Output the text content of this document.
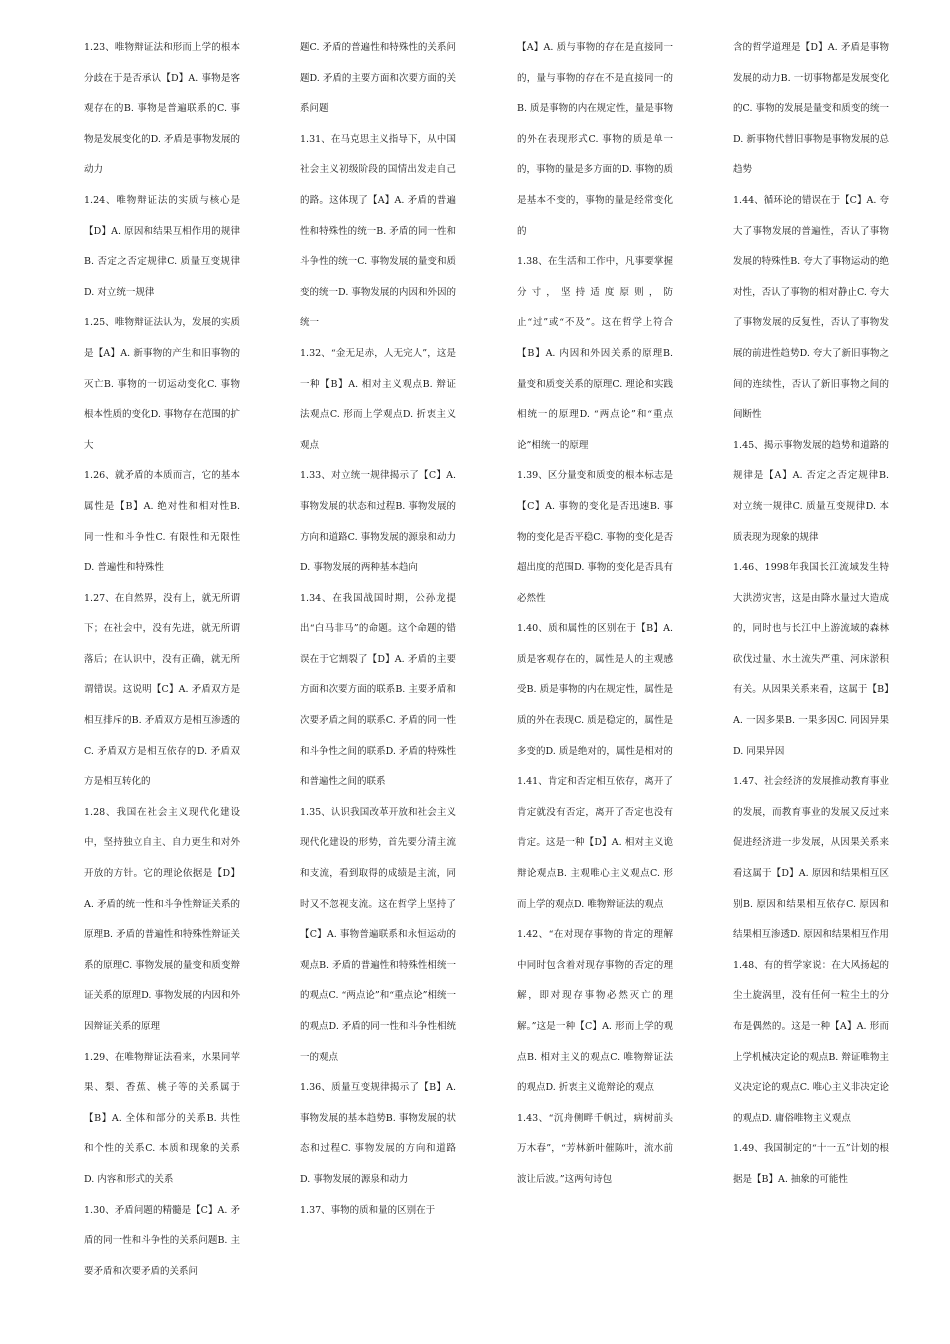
1.23、唯物辩证法和形而上学的根本分歧在于是否承认【D】A. 事物是客观存在的B. 事物是普遍联系的C. 事物是发展变化的D. 矛盾是事物发展的动力

1.24、唯物辩证法的实质与核心是【D】A. 原因和结果互相作用的规律B. 否定之否定规律C. 质量互变规律D. 对立统一规律

1.25、唯物辩证法认为，发展的实质是【A】A. 新事物的产生和旧事物的灭亡B. 事物的一切运动变化C. 事物根本性质的变化D. 事物存在范围的扩大

1.26、就矛盾的本质而言，它的基本属性是【B】A. 绝对性和相对性B. 同一性和斗争性C. 有限性和无限性D. 普遍性和特殊性

1.27、在自然界，没有上，就无所谓下；在社会中，没有先进，就无所谓落后；在认识中，没有正确，就无所谓错误。这说明【C】A. 矛盾双方是相互排斥的B. 矛盾双方是相互渗透的C. 矛盾双方是相互依存的D. 矛盾双方是相互转化的

1.28、我国在社会主义现代化建设中，坚持独立自主、自力更生和对外开放的方针。它的理论依据是【D】A. 矛盾的统一性和斗争性辩证关系的原理B. 矛盾的普遍性和特殊性辩证关系的原理C. 事物发展的量变和质变辩证关系的原理D. 事物发展的内因和外因辩证关系的原理

1.29、在唯物辩证法看来，水果同苹果、梨、香蕉、桃子等的关系属于【B】A. 全体和部分的关系B. 共性和个性的关系C. 本质和现象的关系D. 内容和形式的关系

1.30、矛盾问题的精髓是【C】A. 矛盾的同一性和斗争性的关系问题B. 主要矛盾和次要矛盾的关系问

题C. 矛盾的普遍性和特殊性的关系问题D. 矛盾的主要方面和次要方面的关系问题

1.31、在马克思主义指导下，从中国社会主义初级阶段的国情出发走自己的路。这体现了【A】A. 矛盾的普遍性和特殊性的统一B. 矛盾的同一性和斗争性的统一C. 事物发展的量变和质变的统一D. 事物发展的内因和外因的统一

1.32、“金无足赤，人无完人”，这是一种【B】A. 相对主义观点B. 辩证法观点C. 形而上学观点D. 折衷主义观点

1.33、对立统一规律揭示了【C】A. 事物发展的状态和过程B. 事物发展的方向和道路C. 事物发展的源泉和动力D. 事物发展的两种基本趋向

1.34、在我国战国时期，公孙龙提出“白马非马”的命题。这个命题的错误在于它割裂了【D】A. 矛盾的主要方面和次要方面的联系B. 主要矛盾和次要矛盾之间的联系C. 矛盾的同一性和斗争性之间的联系D. 矛盾的特殊性和普遍性之间的联系

1.35、认识我国改革开放和社会主义现代化建设的形势，首先要分清主流和支流，看到取得的成绩是主流，同时又不忽视支流。这在哲学上坚持了【C】A. 事物普遍联系和永恒运动的观点B. 矛盾的普遍性和特殊性相统一的观点C. “两点论”和“重点论”相统一的观点D. 矛盾的同一性和斗争性相统一的观点

1.36、质量互变规律揭示了【B】A. 事物发展的基本趋势B. 事物发展的状态和过程C. 事物发展的方向和道路D. 事物发展的源泉和动力

1.37、事物的质和量的区别在于

【A】A. 质与事物的存在是直接同一的，量与事物的存在不是直接同一的B. 质是事物的内在规定性，量是事物的外在表现形式C. 事物的质是单一的，事物的量是多方面的D. 事物的质是基本不变的，事物的量是经常变化的

1.38、在生活和工作中，凡事要掌握分寸，坚持适度原则，防止“过”或“不及”。这在哲学上符合【B】A. 内因和外因关系的原理B. 量变和质变关系的原理C. 理论和实践相统一的原理D. “两点论”和“重点论”相统一的原理

1.39、区分量变和质变的根本标志是【C】A. 事物的变化是否迅速B. 事物的变化是否平稳C. 事物的变化是否超出度的范围D. 事物的变化是否具有必然性

1.40、质和属性的区别在于【B】A. 质是客观存在的，属性是人的主观感受B. 质是事物的内在规定性，属性是质的外在表现C. 质是稳定的，属性是多变的D. 质是绝对的，属性是相对的

1.41、肯定和否定相互依存，离开了肯定就没有否定，离开了否定也没有肯定。这是一种【D】A. 相对主义诡辩论观点B. 主观唯心主义观点C. 形而上学的观点D. 唯物辩证法的观点

1.42、“在对现存事物的肯定的理解中同时包含着对现存事物的否定的理解，即对现存事物必然灭亡的理解。”这是一种【C】A. 形而上学的观点B. 相对主义的观点C. 唯物辩证法的观点D. 折衷主义诡辩论的观点

1.43、“沉舟侧畔千帆过，病树前头万木春”，“芳林新叶催陈叶，流水前波让后波。”这两句诗包

含的哲学道理是【D】A. 矛盾是事物发展的动力B. 一切事物都是发展变化的C. 事物的发展是量变和质变的统一D. 新事物代替旧事物是事物发展的总趋势

1.44、循环论的错误在于【C】A. 夸大了事物发展的普遍性，否认了事物发展的特殊性B. 夸大了事物运动的绝对性，否认了事物的相对静止C. 夸大了事物发展的反复性，否认了事物发展的前进性趋势D. 夸大了新旧事物之间的连续性，否认了新旧事物之间的间断性

1.45、揭示事物发展的趋势和道路的规律是【A】A. 否定之否定规律B. 对立统一规律C. 质量互变规律D. 本质表现为现象的规律

1.46、1998年我国长江流域发生特大洪涝灾害，这是由降水量过大造成的，同时也与长江中上游流域的森林砍伐过量、水土流失严重、河床淤积有关。从因果关系来看，这属于【B】A. 一因多果B. 一果多因C. 同因异果D. 同果异因

1.47、社会经济的发展推动教育事业的发展，而教育事业的发展又反过来促进经济进一步发展，从因果关系来看这属于【D】A. 原因和结果相互区别B. 原因和结果相互依存C. 原因和结果相互渗透D. 原因和结果相互作用

1.48、有的哲学家说：在大风扬起的尘土旋涡里，没有任何一粒尘土的分布是偶然的。这是一种【A】A. 形而上学机械决定论的观点B. 辩证唯物主义决定论的观点C. 唯心主义非决定论的观点D. 庸俗唯物主义观点

1.49、我国制定的“十一五”计划的根据是【B】A. 抽象的可能性
